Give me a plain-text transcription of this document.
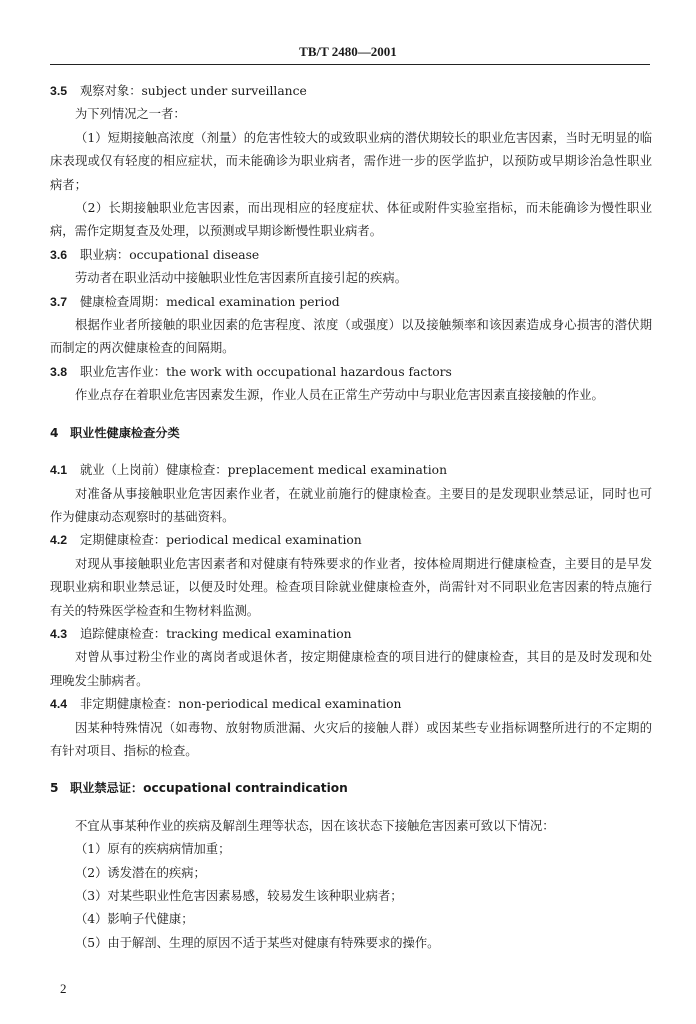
TB/T 2480—2001

3.5 观察对象：subject under surveillance

为下列情况之一者：

（1）短期接触高浓度（剂量）的危害性较大的或致职业病的潜伏期较长的职业危害因素，当时无明显的临床表现或仅有轻度的相应症状，而未能确诊为职业病者，需作进一步的医学监护，以预防或早期诊治急性职业病者；

（2）长期接触职业危害因素，而出现相应的轻度症状、体征或附件实验室指标，而未能确诊为慢性职业病，需作定期复查及处理，以预测或早期诊断慢性职业病者。

3.6 职业病：occupational disease

劳动者在职业活动中接触职业性危害因素所直接引起的疾病。

3.7 健康检查周期：medical examination period

根据作业者所接触的职业因素的危害程度、浓度（或强度）以及接触频率和该因素造成身心损害的潜伏期而制定的两次健康检查的间隔期。

3.8 职业危害作业：the work with occupational hazardous factors

作业点存在着职业危害因素发生源，作业人员在正常生产劳动中与职业危害因素直接接触的作业。

4 职业性健康检查分类

4.1 就业（上岗前）健康检查：preplacement medical examination

对准备从事接触职业危害因素作业者，在就业前施行的健康检查。主要目的是发现职业禁忌证，同时也可作为健康动态观察时的基础资料。

4.2 定期健康检查：periodical medical examination

对现从事接触职业危害因素者和对健康有特殊要求的作业者，按体检周期进行健康检查，主要目的是早发现职业病和职业禁忌证，以便及时处理。检查项目除就业健康检查外，尚需针对不同职业危害因素的特点施行有关的特殊医学检查和生物材料监测。

4.3 追踪健康检查：tracking medical examination

对曾从事过粉尘作业的离岗者或退休者，按定期健康检查的项目进行的健康检查，其目的是及时发现和处理晚发尘肺病者。

4.4 非定期健康检查：non-periodical medical examination

因某种特殊情况（如毒物、放射物质泄漏、火灾后的接触人群）或因某些专业指标调整所进行的不定期的有针对项目、指标的检查。

5 职业禁忌证：occupational contraindication

不宜从事某种作业的疾病及解剖生理等状态，因在该状态下接触危害因素可致以下情况：

（1）原有的疾病病情加重；

（2）诱发潜在的疾病；

（3）对某些职业性危害因素易感，较易发生该种职业病者；

（4）影响子代健康；

（5）由于解剖、生理的原因不适于某些对健康有特殊要求的操作。

2
